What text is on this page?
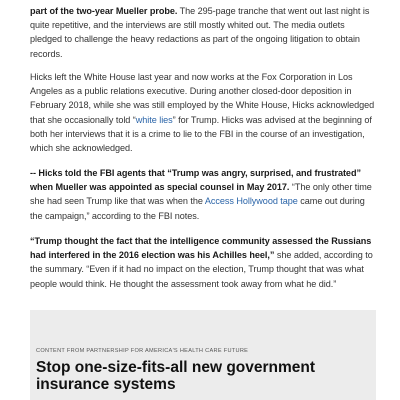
part of the two-year Mueller probe. The 295-page tranche that went out last night is quite repetitive, and the interviews are still mostly whited out. The media outlets pledged to challenge the heavy redactions as part of the ongoing litigation to obtain records.

Hicks left the White House last year and now works at the Fox Corporation in Los Angeles as a public relations executive. During another closed-door deposition in February 2018, while she was still employed by the White House, Hicks acknowledged that she occasionally told “white lies” for Trump. Hicks was advised at the beginning of both her interviews that it is a crime to lie to the FBI in the course of an investigation, which she acknowledged.

-- Hicks told the FBI agents that “Trump was angry, surprised, and frustrated” when Mueller was appointed as special counsel in May 2017. “The only other time she had seen Trump like that was when the Access Hollywood tape came out during the campaign,” according to the FBI notes.

“Trump thought the fact that the intelligence community assessed the Russians had interfered in the 2016 election was his Achilles heel,” she added, according to the summary. “Even if it had no impact on the election, Trump thought that was what people would think. He thought the assessment took away from what he did.”

CONTENT FROM PARTNERSHIP FOR AMERICA'S HEALTH CARE FUTURE
Stop one-size-fits-all new government insurance systems
